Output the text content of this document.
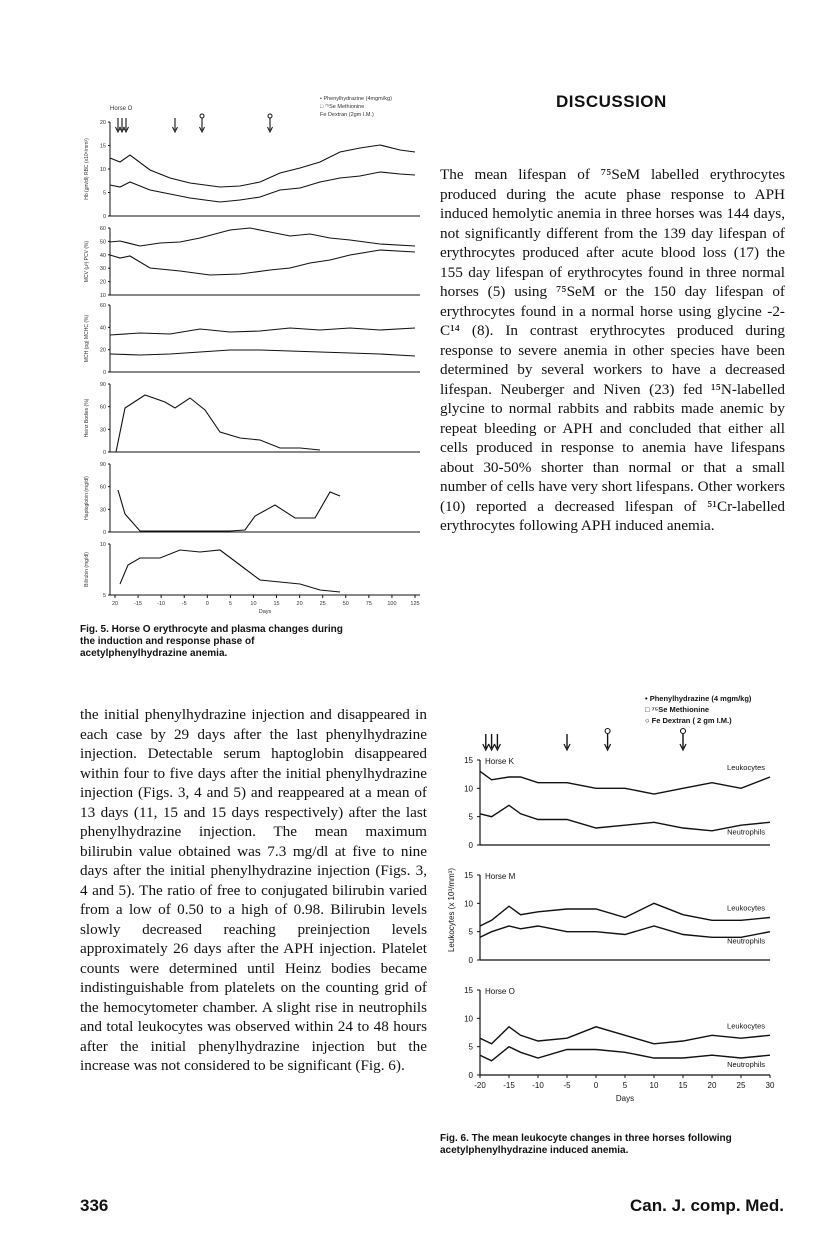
• Phenylhydrazine (4mgm/kg)
□ ⁷⁵Se Methionine
Fe Dextran (2gm I.M.)
Horse O
20
15
10
5
0
Hb (gm/dl) RBC (x10⁶/mm³)
60
50
40
30
20
10
MCV (µ³) PCV (%)
60
40
20
0
MCH (pg) MCHC (%)
90
60
30
0
Heinz Bodies (%)
90
60
30
0
Haptoglobin (mg/dl)
10
5
Bilirubin (mg/dl)
20	-15	-10	-5	0	5	10	15	20	25	50	75	100	125
Days
DISCUSSION

The mean lifespan of ⁷⁵SeM labelled erythrocytes produced during the acute phase response to APH induced hemolytic anemia in three horses was 144 days, not significantly different from the 139 day lifespan of erythrocytes produced after acute blood loss (17) the 155 day lifespan of erythrocytes found in three normal horses (5) using ⁷⁵SeM or the 150 day lifespan of erythrocytes found in a normal horse using glycine -2-C¹⁴ (8). In contrast erythrocytes produced during response to severe anemia in other species have been determined by several workers to have a decreased lifespan. Neuberger and Niven (23) fed ¹⁵N-labelled glycine to normal rabbits and rabbits made anemic by repeat bleeding or APH and concluded that either all cells produced in response to anemia have lifespans about 30-50% shorter than normal or that a small number of cells have very short lifespans. Other workers (10) reported a decreased lifespan of ⁵¹Cr-labelled erythrocytes following APH induced anemia.

Fig. 5. Horse O erythrocyte and plasma changes during the induction and response phase of acetylphenylhydrazine anemia.

the initial phenylhydrazine injection and disappeared in each case by 29 days after the last phenylhydrazine injection. Detectable serum haptoglobin disappeared within four to five days after the initial phenylhydrazine injection (Figs. 3, 4 and 5) and reappeared at a mean of 13 days (11, 15 and 15 days respectively) after the last phenylhydrazine injection. The mean maximum bilirubin value obtained was 7.3 mg/dl at five to nine days after the initial phenylhydrazine injection (Figs. 3, 4 and 5). The ratio of free to conjugated bilirubin varied from a low of 0.50 to a high of 0.98. Bilirubin levels slowly decreased reaching preinjection levels approximately 26 days after the APH injection. Platelet counts were determined until Heinz bodies became indistinguishable from platelets on the counting grid of the hemocytometer chamber. A slight rise in neutrophils and total leukocytes was observed within 24 to 48 hours after the initial phenylhydrazine injection but the increase was not considered to be significant (Fig. 6).

• Phenylhydrazine (4 mgm/kg)
□ ⁷⁵Se Methionine
○ Fe Dextran ( 2 gm I.M.)
15
10
5
0
Horse K
Leukocytes
Neutrophils
15
10
5
0
Horse M
Leukocytes
Neutrophils
15
10
5
0
Horse O
Leukocytes
Neutrophils
-20 -15 -10 -5	0	5	10	15	20	25	30
Days
Leukocytes (x 10³/mm³)
Fig. 6. The mean leukocyte changes in three horses following acetylphenylhydrazine induced anemia.
336	Can. J. comp. Med.
